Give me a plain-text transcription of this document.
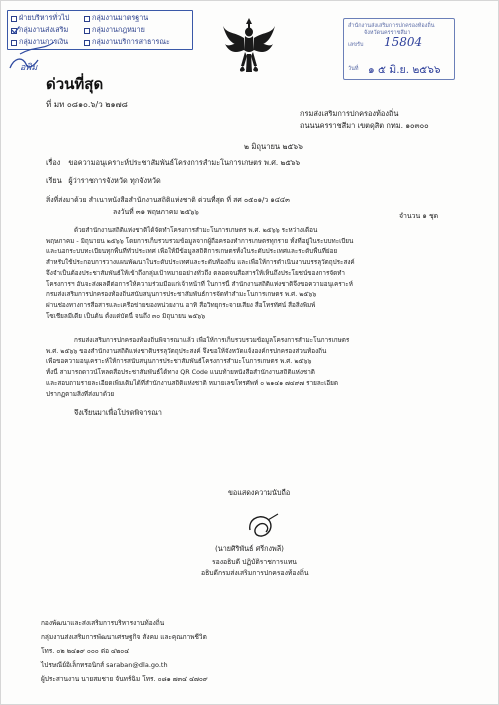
ฝ่ายบริหารทั่วไป	กลุ่มงานมาตรฐาน
กลุ่มงานส่งเสริม	กลุ่มงานกฎหมาย
กลุ่มงานการเงิน	กลุ่มงานบริการสาธารณะ
อพิม
สำนักงานส่งเสริมการปกครองท้องถิ่น
จังหวัดนครราชสีมา
เลขรับ 15804
วันที่ ๑ ๕ มิ.ย. ๒๕๖๖
ด่วนที่สุด
ที่ มท ๐๘๑๐.๖/ว ๒๑๗๘
กรมส่งเสริมการปกครองท้องถิ่น
ถนนนครราชสีมา เขตดุสิต กทม. ๑๐๓๐๐
๒ มิถุนายน ๒๕๖๖
เรื่อง ขอความอนุเคราะห์ประชาสัมพันธ์โครงการสำมะโนการเกษตร พ.ศ. ๒๕๖๖
เรียน ผู้ว่าราชการจังหวัด ทุกจังหวัด
สิ่งที่ส่งมาด้วย สำเนาหนังสือสำนักงานสถิติแห่งชาติ ด่วนที่สุด ที่ สศ ๐๕๐๑/ว ๑๔๔๓
ลงวันที่ ๓๑ พฤษภาคม ๒๕๖๖	จำนวน ๑ ชุด
ด้วยสำนักงานสถิติแห่งชาติได้จัดทำโครงการสำมะโนการเกษตร พ.ศ. ๒๕๖๖ ระหว่างเดือน
พฤษภาคม - มิถุนายน ๒๕๖๖ โดยการเก็บรวบรวมข้อมูลจากผู้ถือครองทำการเกษตรทุกราย ทั้งที่อยู่ในระบบทะเบียน
และนอกระบบทะเบียนทุกพื้นที่ทั่วประเทศ เพื่อให้มีข้อมูลสถิติการเกษตรทั้งในระดับประเทศและระดับพื้นที่ย่อย
สำหรับใช้ประกอบการวางแผนพัฒนาในระดับประเทศและระดับท้องถิ่น และเพื่อให้การดำเนินงานบรรลุวัตถุประสงค์
จึงจำเป็นต้องประชาสัมพันธ์ให้เข้าถึงกลุ่มเป้าหมายอย่างทั่วถึง ตลอดจนสื่อสารให้เห็นถึงประโยชน์ของการจัดทำ
โครงการฯ อันจะส่งผลดีต่อการให้ความร่วมมือแก่เจ้าหน้าที่ ในการนี้ สำนักงานสถิติแห่งชาติจึงขอความอนุเคราะห์
กรมส่งเสริมการปกครองท้องถิ่นสนับสนุนการประชาสัมพันธ์การจัดทำสำมะโนการเกษตร พ.ศ. ๒๕๖๖
ผ่านช่องทางการสื่อสารและเครือข่ายของหน่วยงาน อาทิ สื่อวิทยุกระจายเสียง สื่อโทรทัศน์ สื่อสิ่งพิมพ์
โซเชียลมีเดีย เป็นต้น ตั้งแต่บัดนี้ จนถึง ๓๐ มิถุนายน ๒๕๖๖
กรมส่งเสริมการปกครองท้องถิ่นพิจารณาแล้ว เพื่อให้การเก็บรวบรวมข้อมูลโครงการสำมะโนการเกษตร
พ.ศ. ๒๕๖๖ ของสำนักงานสถิติแห่งชาติบรรลุวัตถุประสงค์ จึงขอให้จังหวัดแจ้งองค์กรปกครองส่วนท้องถิ่น
เพื่อขอความอนุเคราะห์ให้การสนับสนุนการประชาสัมพันธ์โครงการสำมะโนการเกษตร พ.ศ. ๒๕๖๖
ทั้งนี้ สามารถดาวน์โหลดสื่อประชาสัมพันธ์ได้ทาง QR Code แนบท้ายหนังสือสำนักงานสถิติแห่งชาติ
และสอบถามรายละเอียดเพิ่มเติมได้ที่สำนักงานสถิติแห่งชาติ หมายเลขโทรศัพท์ ๐ ๒๑๔๑ ๗๔๙๗ รายละเอียด
ปรากฏตามสิ่งที่ส่งมาด้วย
จึงเรียนมาเพื่อโปรดพิจารณา
ขอแสดงความนับถือ
(นายศิริพันธ์ ศรีกงพลี)
รองอธิบดี ปฏิบัติราชการแทน
อธิบดีกรมส่งเสริมการปกครองท้องถิ่น
กองพัฒนาและส่งเสริมการบริหารงานท้องถิ่น
กลุ่มงานส่งเสริมการพัฒนาเศรษฐกิจ สังคม และคุณภาพชีวิต
โทร. ๐๒ ๒๔๑๙ ๐๐๐ ต่อ ๔๒๐๔
ไปรษณีย์อิเล็กทรอนิกส์ saraban@dla.go.th
ผู้ประสานงาน นายสมชาย จันทร์ฉิม โทร. ๐๘๑ ๗๓๔ ๔๗๐๙
